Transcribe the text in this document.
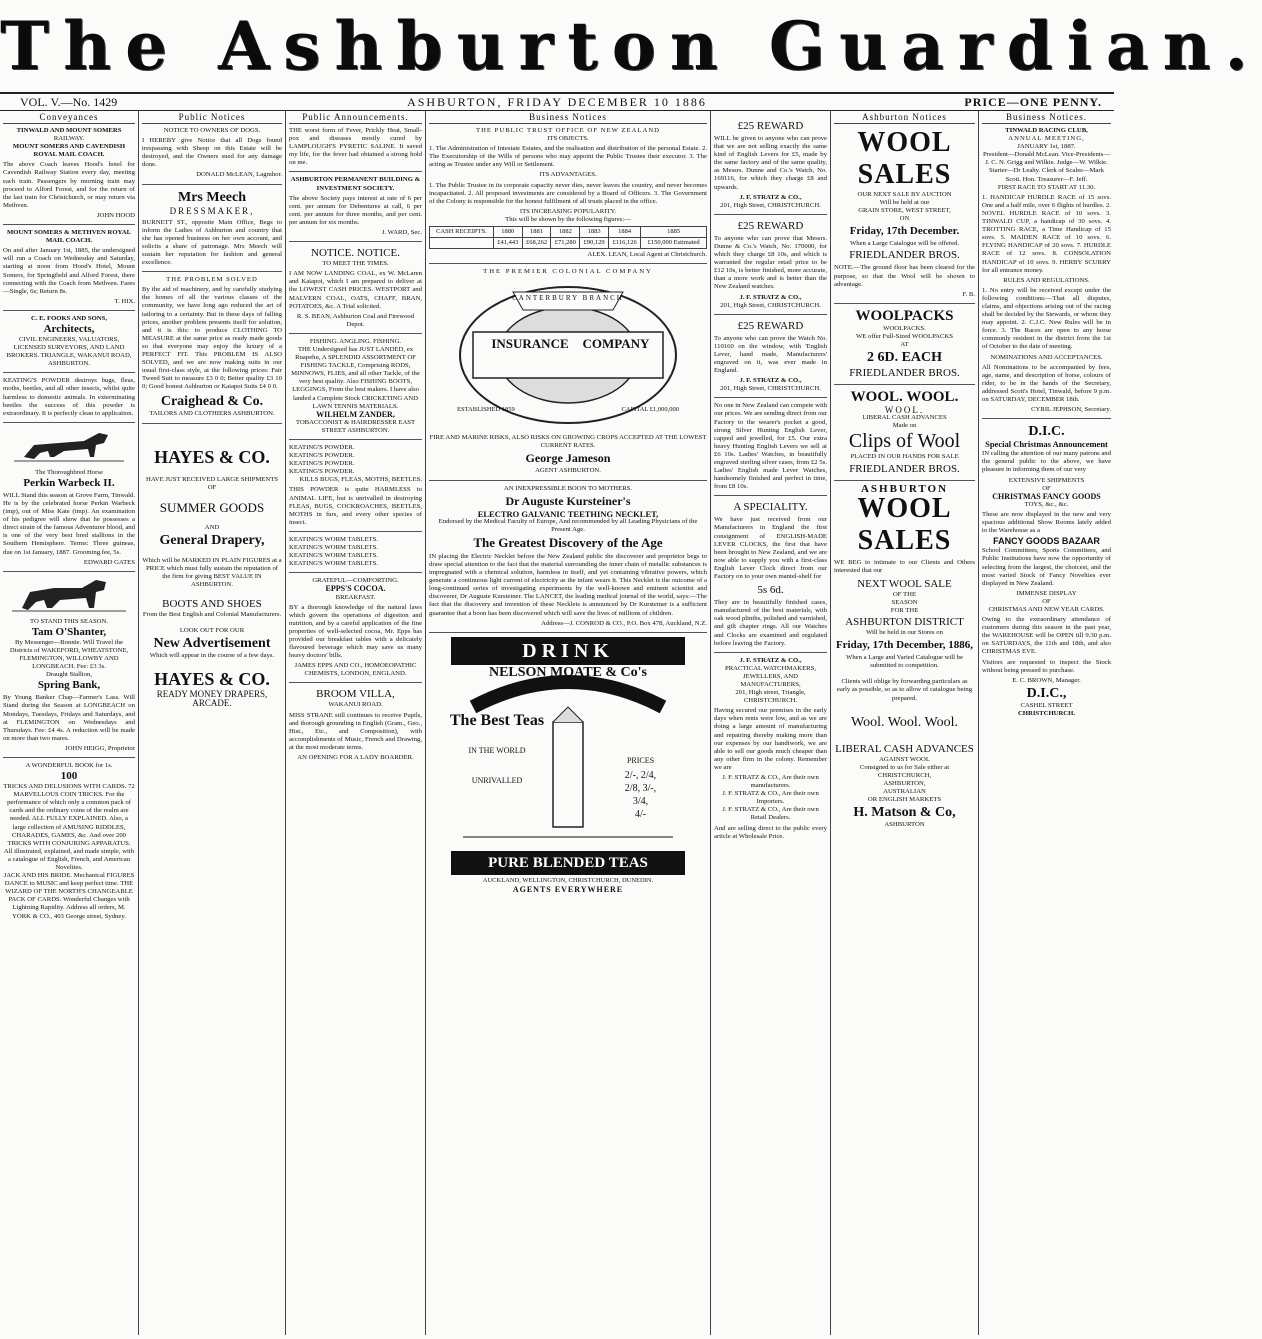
The Ashburton Guardian.
VOL. V.—No. 1429	ASHBURTON, FRIDAY DECEMBER 10 1886	PRICE—ONE PENNY.
Conveyances
TINWALD AND MOUNT SOMERS
RAILWAY.
MOUNT SOMERS AND CAVENDISH ROYAL MAIL COACH.
The above Coach leaves Hood's hotel for Cavendish Railway Station every day, meeting each train. Passengers by morning train may proceed to Alford Forest, and for the return of the last train for Christchurch, or may return via Methven.
JOHN HOOD
MOUNT SOMERS & METHVEN ROYAL MAIL COACH.
On and after January 1st, 1885, the undersigned will run a Coach on Wednesday and Saturday, starting at noon from Hood's Hotel, Mount Somers, for Springfield and Alford Forest, there connecting with the Coach from Methven. Fares—Single, 6s; Return 8s.
T. HIX.
C. E. FOOKS AND SONS,
Architects,
CIVIL ENGINEERS, VALUATORS, LICENSED SURVEYORS, AND LAND BROKERS. TRIANGLE, WAKANUI ROAD, ASHBURTON.
KEATING'S POWDER destroys bugs, fleas, moths, beetles, and all other insects, whilst quite harmless to domestic animals. In exterminating beetles the success of this powder is extraordinary. It is perfectly clean to application.
The Thoroughbred Horse
Perkin Warbeck II.
WILL Stand this season at Grove Farm, Tinwald. He is by the celebrated horse Perkin Warbeck (imp), out of Miss Kate (imp). An examination of his pedigree will show that he possesses a direct strain of the famous Adventurer blood, and is one of the very best bred stallions in the Southern Hemisphere. Terms: Three guineas, due on 1st January, 1887. Grooming fee, 5s.
EDWARD GATES
TO STAND THIS SEASON.
Tam O'Shanter,
By Messenger—Bonnie. Will Travel the Districts of WAKEFORD, WHEATSTONE, FLEMINGTON, WILLOWBY AND LONGBEACH. Fee: £3 3s.
Draught Stallion,
Spring Bank,
By Young Banker Chap—Farmer's Lass. Will Stand during the Season at LONGBEACH on Mondays, Tuesdays, Fridays and Saturdays, and at FLEMINGTON on Wednesdays and Thursdays. Fee: £4 4s. A reduction will be made on more than two mares.
JOHN HEIGG, Proprietor
A WONDERFUL BOOK for 1s.
100
TRICKS AND DELUSIONS WITH CARDS. 72 MARVELLOUS COIN TRICKS. For the performance of which only a common pack of cards and the ordinary coins of the realm are needed. ALL FULLY EXPLAINED. Also, a large collection of AMUSING RIDDLES, CHARADES, GAMES, &c. And over 200 TRICKS WITH CONJURING APPARATUS. All illustrated, explained, and made simple, with a catalogue of English, French, and American Novelties.
JACK AND HIS BRIDE. Mechanical FIGURES DANCE to MUSIC and keep perfect time. THE WIZARD OF THE NORTH'S CHANGEABLE PACK OF CARDS. Wonderful Changes with Lightning Rapidity. Address all orders, M. YORK & CO., 403 George street, Sydney.
Public Notices
NOTICE TO OWNERS OF DOGS.
I HEREBY give Notice that all Dogs found trespassing with Sheep on this Estate will be destroyed, and the Owners sued for any damage done.
DONALD McLEAN, Lagmhor.
Mrs Meech
DRESSMAKER,
BURNETT ST., opposite Main Office, Begs to inform the Ladies of Ashburton and country that she has opened business on her own account, and solicits a share of patronage. Mrs Meech will sustain her reputation for fashion and general excellence.
THE PROBLEM SOLVED
By the aid of machinery, and by carefully studying the homes of all the various classes of the community, we have long ago reduced the art of tailoring to a certainty. But in these days of falling prices, another problem presents itself for solution, and it is this: to produce CLOTHING TO MEASURE at the same price as ready made goods so that everyone may enjoy the luxury of a PERFECT FIT. This PROBLEM IS ALSO SOLVED, and we are now making suits in our usual first-class style, at the following prices: Fair Tweed Suit to measure £3 0 0; Better quality £3 10 0; Good honest Ashburton or Kaiapoi Suits £4 0 0.
Craighead & Co.
TAILORS AND CLOTHIERS ASHBURTON.
HAYES & CO.
HAVE JUST RECEIVED LARGE SHIPMENTS OF
SUMMER GOODS
AND
General Drapery,
Which will be MARKED IN PLAIN FIGURES at a PRICE which must fully sustain the reputation of the firm for giving BEST VALUE IN ASHBURTON.
BOOTS AND SHOES
From the Best English and Colonial Manufacturers.
LOOK OUT FOR OUR
New Advertisement
Which will appear in the course of a few days.
HAYES & CO.
READY MONEY DRAPERS,
ARCADE.
Public Announcements.
THE worst form of Fever, Prickly Heat, Small-pox and diseases mostly cured by LAMPLOUGH'S PYRETIC SALINE. It saved my life, for the fever had obtained a strong hold on me.
ASHBURTON PERMANENT BUILDING & INVESTMENT SOCIETY.
The above Society pays interest at rate of 6 per cent. per annum for Debentures at call, 6 per cent. per annum for three months, and per cent. per annum for six months.
J. WARD, Sec.
NOTICE. NOTICE.
TO MEET THE TIMES.
I AM NOW LANDING COAL, ex W. McLaren and Kaiapoi, which I am prepared to deliver at the LOWEST CASH PRICES. WESTPORT and MALVERN COAL, OATS, CHAFF, BRAN, POTATOES, &c. A Trial solicited.
R. S. BEAN, Ashburton Coal and Firewood Depot.
FISHING. ANGLING. FISHING.
THE Undersigned has JUST LANDED, ex Ruapehu, A SPLENDID ASSORTMENT OF FISHING TACKLE, Comprising RODS, MINNOWS, FLIES, and all other Tackle, of the very best quality. Also FISHING BOOTS, LEGGINGS, From the best makers. I have also landed a Complete Stock CRICKETING AND LAWN TENNIS MATERIALS.
WILHELM ZANDER,
TOBACCONIST & HAIRDRESSER EAST STREET ASHBURTON.
KEATING'S POWDER.
KEATING'S POWDER.
KEATING'S POWDER.
KEATING'S POWDER.
KILLS BUGS, FLEAS, MOTHS, BEETLES.
THIS POWDER is quite HARMLESS to ANIMAL LIFE, but is unrivalled in destroying FLEAS, BUGS, COCKROACHES, BEETLES, MOTHS in furs, and every other species of insect.
KEATING'S WORM TABLETS.
KEATING'S WORM TABLETS.
KEATING'S WORM TABLETS.
KEATING'S WORM TABLETS.
GRATEFUL—COMFORTING.
EPPS'S COCOA.
BREAKFAST.
BY a thorough knowledge of the natural laws which govern the operations of digestion and nutrition, and by a careful application of the fine properties of well-selected cocoa, Mr. Epps has provided our breakfast tables with a delicately flavoured beverage which may save us many heavy doctors' bills.
JAMES EPPS AND CO., HOMOEOPATHIC CHEMISTS, LONDON, ENGLAND.
BROOM VILLA,
WAKANUI ROAD.
MISS STRANE still continues to receive Pupils, and thorough grounding in English (Gram., Geo., Hist., Etc., and Composition), with accomplishments of Music, French and Drawing, at the most moderate terms.
AN OPENING FOR A LADY BOARDER.
Business Notices
THE PUBLIC TRUST OFFICE OF NEW ZEALAND
ITS OBJECTS.
1. The Administration of Intestate Estates, and the realisation and distribution of the personal Estate. 2. The Executorship of the Wills of persons who may appoint the Public Trustee their executor. 3. The acting as Trustee under any Will or Settlement.
ITS ADVANTAGES.
1. The Public Trustee in its corporate capacity never dies, never leaves the country, and never becomes incapacitated. 2. All proposed investments are considered by a Board of Officers. 3. The Government of the Colony is responsible for the honest fulfilment of all trusts placed in the office.
ITS INCREASING POPULARITY.
This will be shown by the following figures:—
CASH RECEIPTS.	1880	1881	1882	1883	1884	1885
	£41,443	£68,262	£71,280	£90,129	£116,126	£150,000 Estimated
ALEX. LEAN, Local Agent at Christchurch.
THE PREMIER COLONIAL COMPANY
CANTERBURY BRANCH
INSURANCE	COMPANY
ESTABLISHED 1859	CAPITAL £1,000,000
FIRE AND MARINE RISKS, ALSO RISKS ON GROWING CROPS ACCEPTED AT THE LOWEST CURRENT RATES.
George Jameson
AGENT ASHBURTON.
AN INEXPRESSIBLE BOON TO MOTHERS.
Dr Auguste Kursteiner's
ELECTRO GALVANIC TEETHING NECKLET,
Endorsed by the Medical Faculty of Europe, And recommended by all Leading Physicians of the Present Age.
The Greatest Discovery of the Age
IN placing the Electric Necklet before the New Zealand public the discoverer and proprietor begs to draw special attention to the fact that the material surrounding the inner chain of metallic substances is impregnated with a chemical solution, harmless in itself, and yet containing vibrative powers, which generate a continuous light current of electricity as the infant wears it. This Necklet is the outcome of a long-continued series of investigating experiments by the well-known and eminent scientist and discoverer, Dr Auguste Kursteiner. The LANCET, the leading medical journal of the world, says:—The fact that the discovery and invention of these Necklets is announced by Dr Kursteiner is a sufficient guarantee that a boon has been discovered which will save the lives of millions of children.
Address—J. CONROD & CO., P.O. Box 478, Auckland, N.Z.
DRINK
NELSON MOATE & Co's
The Best Teas
IN THE WORLD
UNRIVALLED
PRICES
2/-, 2/4,
2/8, 3/-,
3/4,
4/-
PURE BLENDED TEAS
AUCKLAND, WELLINGTON, CHRISTCHURCH, DUNEDIN.
AGENTS EVERYWHERE
£25 REWARD
WILL be given to anyone who can prove that we are not selling exactly the same kind of English Levers for £5, made by the same factory and of the same quality, as Messrs. Dunne and Co.'s Watch, No. 169116, for which they charge £8 and upwards.
J. F. STRATZ & CO.,
201, High Street, CHRISTCHURCH.
£25 REWARD
To anyone who can prove that Messrs. Dunne & Co.'s Watch, No. 170000, for which they charge £8 10s, and which is warranted the regular retail price to be £12 10s, is better finished, more accurate, than a more work and is better than the New Zealand watches.
J. F. STRATZ & CO.,
201, High Street, CHRISTCHURCH.
£25 REWARD
To anyone who can prove the Watch No. 110160 on the window, with 'English Lever, hand made, Manufacturers' engraved on it, was ever made in England.
J. F. STRATZ & CO.,
201, High Street, CHRISTCHURCH.
No one in New Zealand can compete with our prices. We are sending direct from our Factory to the wearer's pocket a good, strong Silver Hunting English Lever, capped and jewelled, for £5. Our extra heavy Hunting English Levers we sell at £6 10s. Ladies' Watches, in beautifully engraved sterling silver cases, from £2 5s. Ladies' English made Lever Watches, handsomely finished and perfect in time, from £8 10s.
A SPECIALITY.
We have just received from our Manufacturers in England the first consignment of ENGLISH-MADE LEVER CLOCKS, the first that have been brought to New Zealand, and we are now able to supply you with a first-class English Lever Clock direct from our Factory on to your own mantel-shelf for
5s 6d.
They are in beautifully finished cases, manufactured of the best materials, with oak wood plinths, polished and varnished, and gilt chapter rings. All our Watches and Clocks are examined and regulated before leaving the Factory.
J. F. STRATZ & CO.,
PRACTICAL WATCHMAKERS, JEWELLERS, AND MANUFACTURERS,
201, High street, Triangle, CHRISTCHURCH.
Having secured our premises in the early days when rents were low, and as we are doing a large amount of manufacturing and repairing thereby making more than our expenses by our handiwork, we are able to sell our goods much cheaper than any other firm in the colony. Remember we are
J. F. STRATZ & CO., Are their own manufacturers.
J. F. STRATZ & CO., Are their own Importers.
J. F. STRATZ & CO., Are their own Retail Dealers.
And are selling direct to the public every article at Wholesale Price.
Ashburton Notices
WOOL SALES
OUR NEXT SALE BY AUCTION
Will be held at our
GRAIN STORE, WEST STREET,
ON
Friday, 17th December.
When a Large Catalogue will be offered.
FRIEDLANDER BROS.
NOTE.—The ground floor has been cleared for the purpose, so that the Wool will be shown to advantage.
F. B.
WOOLPACKS
WOOLPACKS.
WE offer Full-Sized WOOLPACKS
AT
2 6D. EACH
FRIEDLANDER BROS.
WOOL. WOOL.
WOOL.
LIBERAL CASH ADVANCES
Made on
Clips of Wool
PLACED IN OUR HANDS FOR SALE
FRIEDLANDER BROS.
ASHBURTON
WOOL SALES
WE BEG to intimate to our Clients and Others interested that our
NEXT WOOL SALE
OF THE
SEASON
FOR THE
ASHBURTON DISTRICT
Will be held in our Stores on
Friday, 17th December, 1886,
When a Large and Varied Catalogue will be submitted to competition.
Clients will oblige by forwarding particulars as early as possible, so as to allow of catalogue being prepared.
Wool. Wool. Wool.
LIBERAL CASH ADVANCES
AGAINST WOOL
Consigned to us for Sale either at
CHRISTCHURCH,
ASHBURTON,
AUSTRALIAN
OR ENGLISH MARKETS
H. Matson & Co,
ASHBURTON
Business Notices.
TINWALD RACING CLUB,
ANNUAL MEETING,
JANUARY 1st, 1887.
President—Donald McLean. Vice-Presidents—J. C. N. Grigg and Wilkie. Judge—W. Wilkie. Starter—Dr Leahy. Clerk of Scales—Mark Scott. Hon. Treasurer—F. Jeff.
FIRST RACE TO START AT 11.30.
1. HANDICAP HURDLE RACE of 15 sovs. One and a half mile, over 6 flights of hurdles. 2. NOVEL HURDLE RACE of 10 sovs. 3. TINWALD CUP, a handicap of 30 sovs. 4. TROTTING RACE, a Time Handicap of 15 sovs. 5. MAIDEN RACE of 10 sovs. 6. FLYING HANDICAP of 20 sovs. 7. HURDLE RACE of 12 sovs. 8. CONSOLATION HANDICAP of 10 sovs. 9. HERBY SCURRY for all entrance money.
RULES AND REGULATIONS.
1. No entry will be received except under the following conditions:—That all disputes, claims, and objections arising out of the racing shall be decided by the Stewards, or whom they may appoint. 2. C.J.C. New Rules will be in force. 3. The Races are open to any horse commonly resident in the district from the 1st of October to the date of meeting.
NOMINATIONS AND ACCEPTANCES.
All Nominations to be accompanied by fees, age, name, and description of horse, colours of rider, to be in the hands of the Secretary, addressed Scott's Hotel, Tinwald, before 9 p.m. on SATURDAY, DECEMBER 18th.
CYRIL JEPHSON, Secretary.
D.I.C.
Special Christmas Announcement
IN calling the attention of our many patrons and the general public to the above, we have pleasure in informing them of our very
EXTENSIVE SHIPMENTS
OF
CHRISTMAS FANCY GOODS
TOYS, &c., &c.
These are now displayed in the new and very spacious additional Show Rooms lately added to the Warehouse as a
FANCY GOODS BAZAAR
School Committees, Sports Committees, and Public Institutions have now the opportunity of selecting from the largest, the choicest, and the most varied Stock of Fancy Novelties ever displayed in New Zealand.
IMMENSE DISPLAY
OF
CHRISTMAS AND NEW YEAR CARDS.
Owing to the extraordinary attendance of customers during this season in the past year, the WAREHOUSE will be OPEN till 9.30 p.m. on SATURDAYS, the 11th and 18th, and also CHRISTMAS EVE.
Visitors are requested to inspect the Stock without being pressed to purchase.
E. C. BROWN, Manager.
D.I.C.,
CASHEL STREET
CHRISTCHURCH.
